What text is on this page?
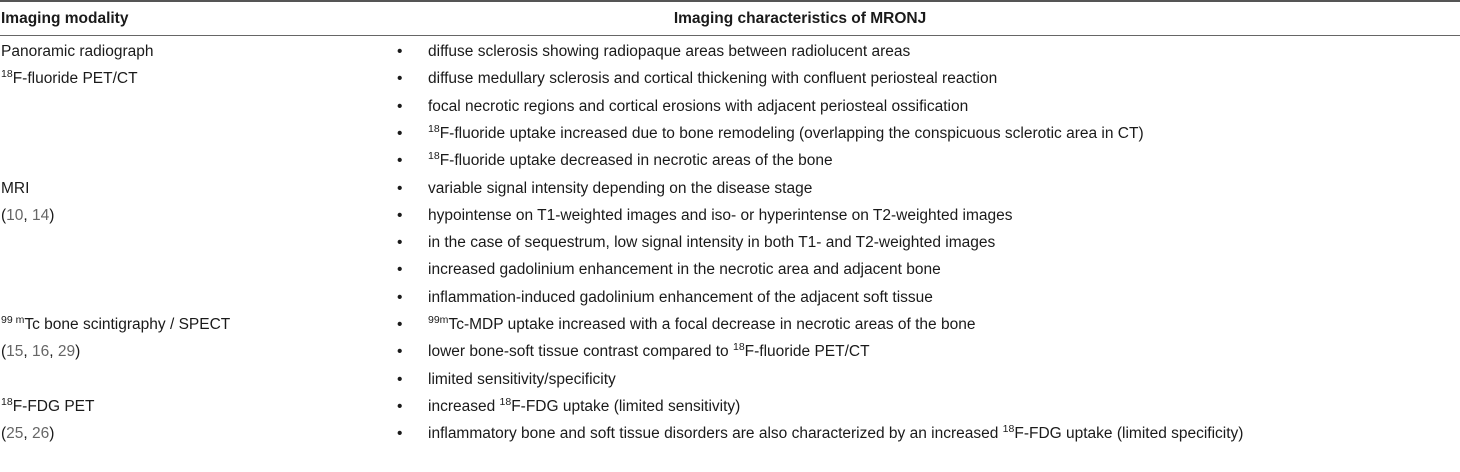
Imaging modality	Imaging characteristics of MRONJ
Panoramic radiograph	• diffuse sclerosis showing radiopaque areas between radiolucent areas
$^{18}$F-fluoride PET/CT	• diffuse medullary sclerosis and cortical thickening with confluent periosteal reaction
• focal necrotic regions and cortical erosions with adjacent periosteal ossification
• $^{18}$F-fluoride uptake increased due to bone remodeling (overlapping the conspicuous sclerotic area in CT)
• $^{18}$F-fluoride uptake decreased in necrotic areas of the bone
MRI	• variable signal intensity depending on the disease stage
(10, 14)	• hypointense on T1-weighted images and iso- or hyperintense on T2-weighted images
• in the case of sequestrum, low signal intensity in both T1- and T2-weighted images
• increased gadolinium enhancement in the necrotic area and adjacent bone
• inflammation-induced gadolinium enhancement of the adjacent soft tissue
$^{99 m}$Tc bone scintigraphy / SPECT	• $^{99m}$Tc-MDP uptake increased with a focal decrease in necrotic areas of the bone
(15, 16, 29)	• lower bone-soft tissue contrast compared to $^{18}$F-fluoride PET/CT
• limited sensitivity/specificity
$^{18}$F-FDG PET	• increased $^{18}$F-FDG uptake (limited sensitivity)
(25, 26)	• inflammatory bone and soft tissue disorders are also characterized by an increased $^{18}$F-FDG uptake (limited specificity)
